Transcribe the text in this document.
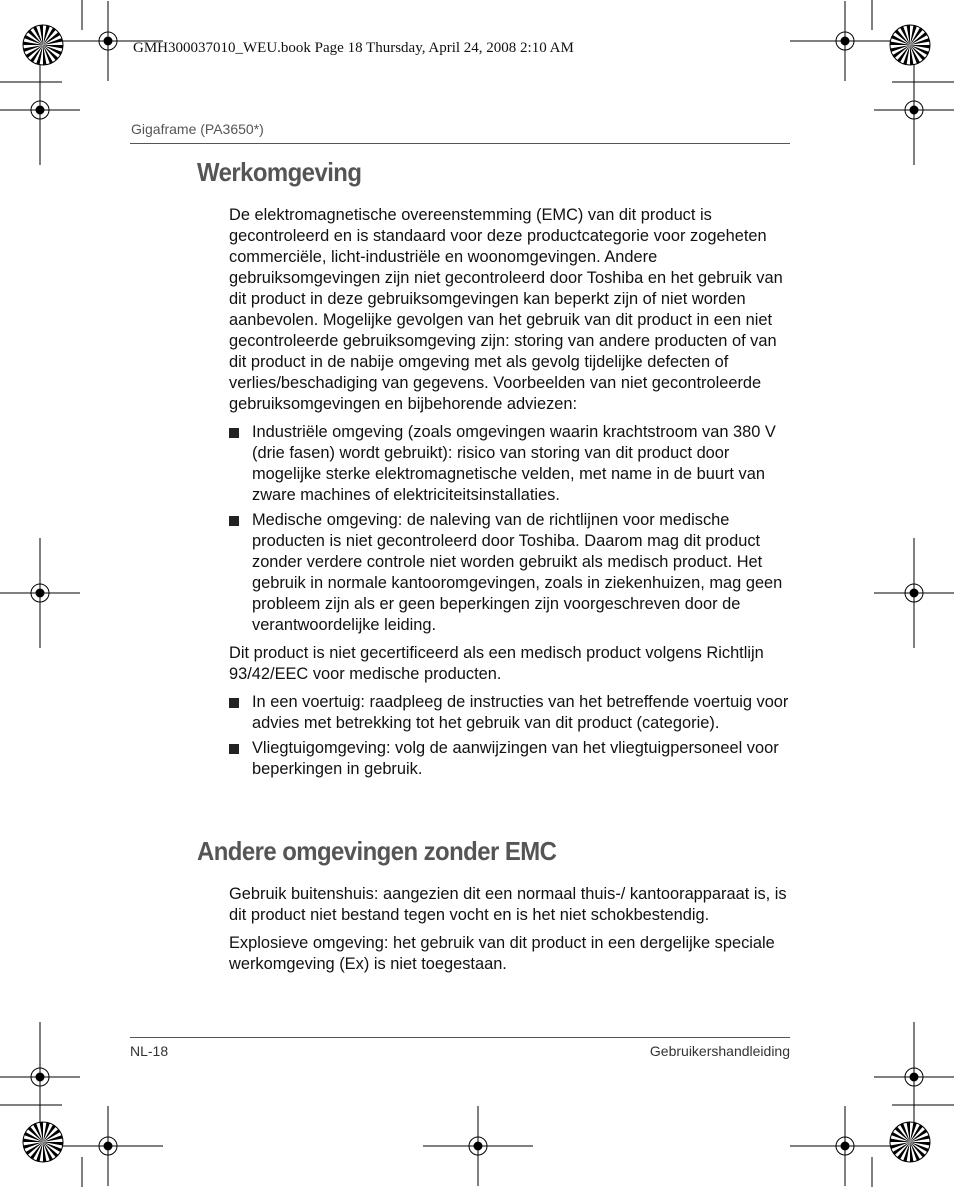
GMH300037010_WEU.book Page 18 Thursday, April 24, 2008 2:10 AM
Gigaframe (PA3650*)
Werkomgeving

De elektromagnetische overeenstemming (EMC) van dit product is gecontroleerd en is standaard voor deze productcategorie voor zogeheten commerciële, licht-industriële en woonomgevingen. Andere gebruiksomgevingen zijn niet gecontroleerd door Toshiba en het gebruik van dit product in deze gebruiksomgevingen kan beperkt zijn of niet worden aanbevolen. Mogelijke gevolgen van het gebruik van dit product in een niet gecontroleerde gebruiksomgeving zijn: storing van andere producten of van dit product in de nabije omgeving met als gevolg tijdelijke defecten of verlies/beschadiging van gegevens. Voorbeelden van niet gecontroleerde gebruiksomgevingen en bijbehorende adviezen:

Industriële omgeving (zoals omgevingen waarin krachtstroom van 380 V (drie fasen) wordt gebruikt): risico van storing van dit product door mogelijke sterke elektromagnetische velden, met name in de buurt van zware machines of elektriciteitsinstallaties.
Medische omgeving: de naleving van de richtlijnen voor medische producten is niet gecontroleerd door Toshiba. Daarom mag dit product zonder verdere controle niet worden gebruikt als medisch product. Het gebruik in normale kantooromgevingen, zoals in ziekenhuizen, mag geen probleem zijn als er geen beperkingen zijn voorgeschreven door de verantwoordelijke leiding.

Dit product is niet gecertificeerd als een medisch product volgens Richtlijn 93/42/EEC voor medische producten.

In een voertuig: raadpleeg de instructies van het betreffende voertuig voor advies met betrekking tot het gebruik van dit product (categorie).
Vliegtuigomgeving: volg de aanwijzingen van het vliegtuigpersoneel voor beperkingen in gebruik.
Andere omgevingen zonder EMC

Gebruik buitenshuis: aangezien dit een normaal thuis-/ kantoorapparaat is, is dit product niet bestand tegen vocht en is het niet schokbestendig.

Explosieve omgeving: het gebruik van dit product in een dergelijke speciale werkomgeving (Ex) is niet toegestaan.

NL-18	Gebruikershandleiding
